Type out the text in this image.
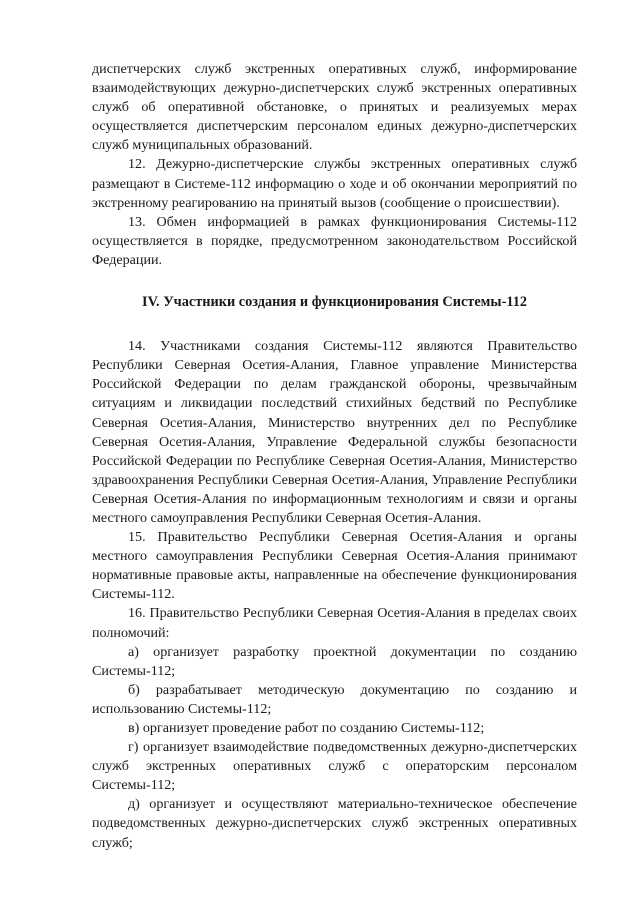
диспетчерских служб экстренных оперативных служб, информирование взаимодействующих дежурно-диспетчерских служб экстренных оперативных служб об оперативной обстановке, о принятых и реализуемых мерах осуществляется диспетчерским персоналом единых дежурно-диспетчерских служб муниципальных образований.

12. Дежурно-диспетчерские службы экстренных оперативных служб размещают в Системе-112 информацию о ходе и об окончании мероприятий по экстренному реагированию на принятый вызов (сообщение о происшествии).

13. Обмен информацией в рамках функционирования Системы-112 осуществляется в порядке, предусмотренном законодательством Российской Федерации.

IV. Участники создания и функционирования Системы-112

14. Участниками создания Системы-112 являются Правительство Республики Северная Осетия-Алания, Главное управление Министерства Российской Федерации по делам гражданской обороны, чрезвычайным ситуациям и ликвидации последствий стихийных бедствий по Республике Северная Осетия-Алания, Министерство внутренних дел по Республике Северная Осетия-Алания, Управление Федеральной службы безопасности Российской Федерации по Республике Северная Осетия-Алания, Министерство здравоохранения Республики Северная Осетия-Алания, Управление Республики Северная Осетия-Алания по информационным технологиям и связи и органы местного самоуправления Республики Северная Осетия-Алания.

15. Правительство Республики Северная Осетия-Алания и органы местного самоуправления Республики Северная Осетия-Алания принимают нормативные правовые акты, направленные на обеспечение функционирования Системы-112.

16. Правительство Республики Северная Осетия-Алания в пределах своих полномочий:

а) организует разработку проектной документации по созданию Системы-112;

б) разрабатывает методическую документацию по созданию и использованию Системы-112;

в) организует проведение работ по созданию Системы-112;

г) организует взаимодействие подведомственных дежурно-диспетчерских служб экстренных оперативных служб с операторским персоналом Системы-112;

д) организует и осуществляют материально-техническое обеспечение подведомственных дежурно-диспетчерских служб экстренных оперативных служб;
